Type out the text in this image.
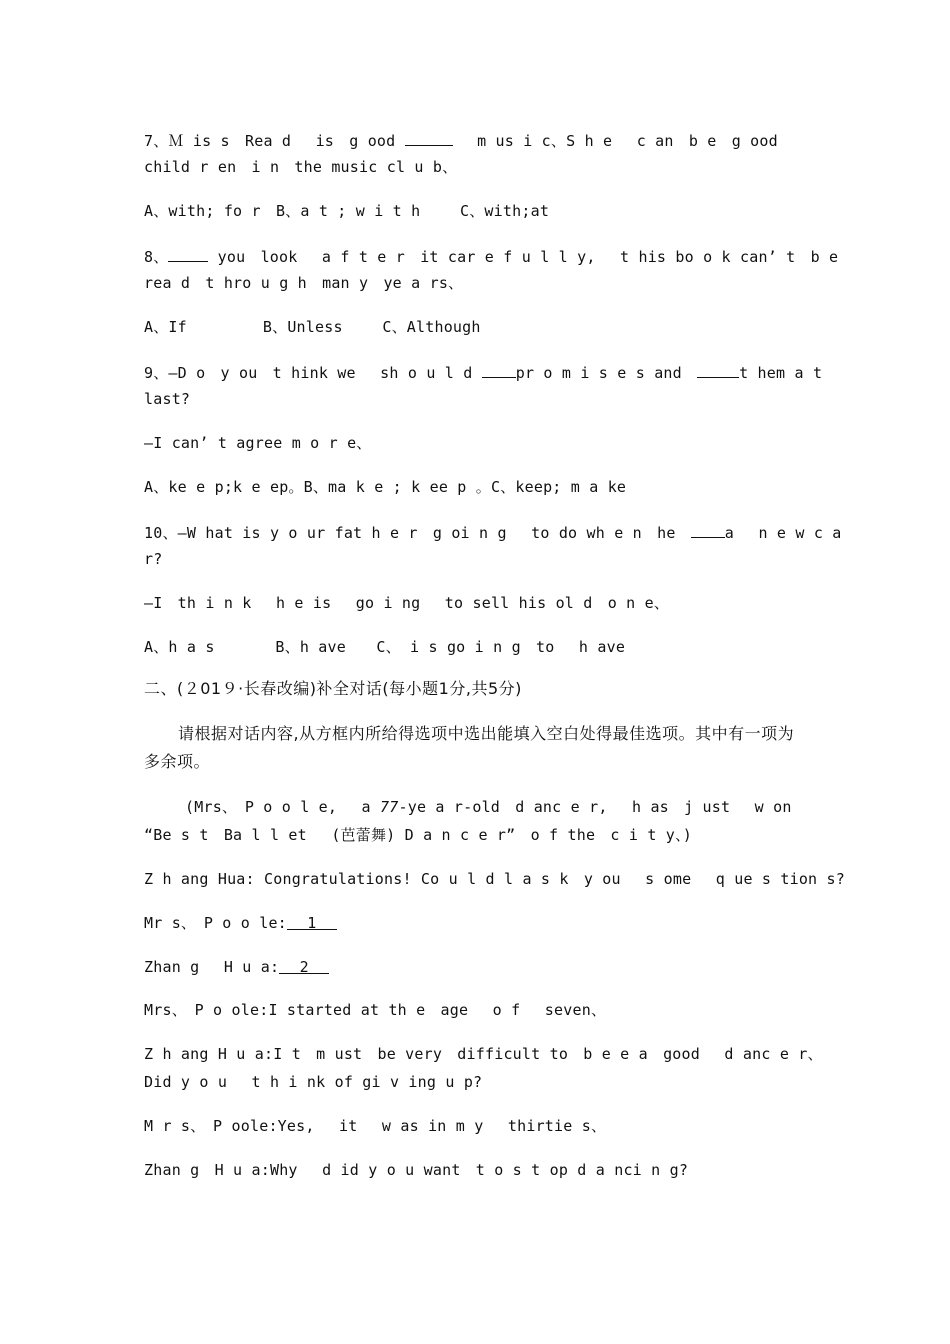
7、Ｍ is s　Rea d　 is　g ood 　	m us i c、S h e　 c an　b e　g ood
child r en　i n　the music cl u b、
A、with; fo r　B、a t ; w i t h　　 C、with;at
8、	you　look　 a f t e r　it car e f u l l y,　 t his bo o k can’ t　b e
rea d　t hro u g h　man y　ye a rs、
A、If　　　　　B、Unless　　 C、Although
9、—D o　y ou　t hink we　 sh o u l d	pr o m i s e s and　	t hem a t
last?
—I can’ t agree m o r e、
A、ke e p;k e ep。B、ma k e ; k ee p 。C、keep; m a ke
10、—W hat is y o ur fat h e r　g oi n g　 to do wh e n　he　	a　 n e w c a
r?
—I　th i n k　 h e is　 go i ng　 to sell his ol d　o n e、
A、h a s　　　　B、h ave　　C、 i s go i n g　to　 h ave
二、(２01９·长春改编)补全对话(每小题1分,共5分)
请根据对话内容,从方框内所给得选项中选出能填入空白处得最佳选项。其中有一项为
多余项。
(Mrs、　P o o l e,　 a 77-ye a r-old　d anc e r,　 h as　j ust　 w on
“Be s t　Ba l l et　 (芭蕾舞) D a n c e r”　o f the　c i t y、)
Z h ang Hua: Congratulations! Co u l d l a s k　y ou　 s ome　 q ue s tion s?
Mr s、　P o o le: 1
Zhan g　 H u a: 2
Mrs、　P o ole:I started at th e　age　 o f　 seven、
Z h ang H u a:I t　m ust　be very　difficult to　b e e a　good　 d anc e r、
Did y o u　 t h i nk of gi v ing u p?
M r s、　P oole:Yes,　 it　 w as in m y　 thirtie s、
Zhan g　H u a:Why　 d id y o u want　t o s t op d a nci n g?
